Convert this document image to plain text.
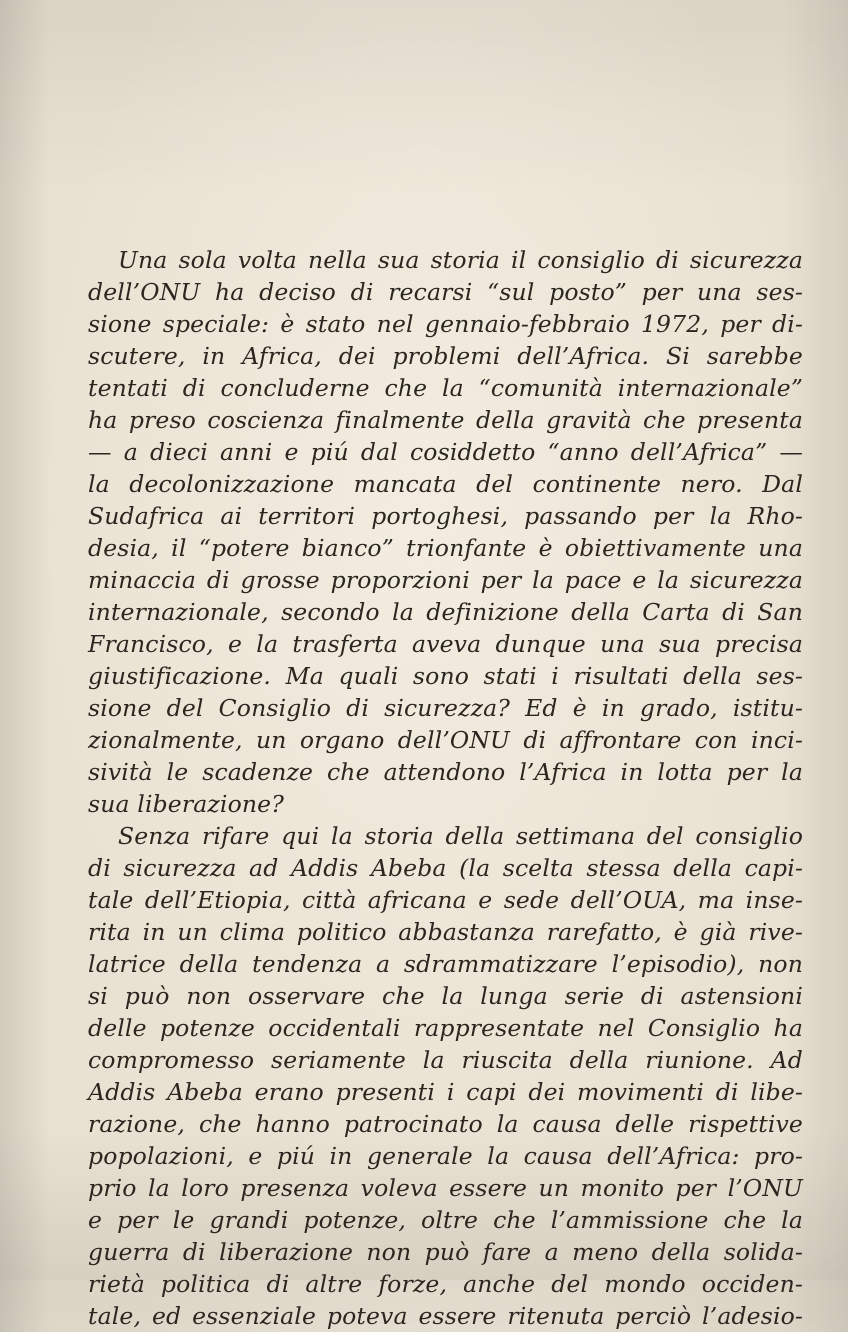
Una sola volta nella sua storia il consiglio di sicurezza
dell’ONU ha deciso di recarsi “sul posto” per una ses-
sione speciale: è stato nel gennaio-febbraio 1972, per di-
scutere, in Africa, dei problemi dell’Africa. Si sarebbe
tentati di concluderne che la “comunità internazionale”
ha preso coscienza finalmente della gravità che presenta
— a dieci anni e piú dal cosiddetto “anno dell’Africa” —
la decolonizzazione mancata del continente nero. Dal
Sudafrica ai territori portoghesi, passando per la Rho-
desia, il “potere bianco” trionfante è obiettivamente una
minaccia di grosse proporzioni per la pace e la sicurezza
internazionale, secondo la definizione della Carta di San
Francisco, e la trasferta aveva dunque una sua precisa
giustificazione. Ma quali sono stati i risultati della ses-
sione del Consiglio di sicurezza? Ed è in grado, istitu-
zionalmente, un organo dell’ONU di affrontare con inci-
sività le scadenze che attendono l’Africa in lotta per la
sua liberazione?
Senza rifare qui la storia della settimana del consiglio
di sicurezza ad Addis Abeba (la scelta stessa della capi-
tale dell’Etiopia, città africana e sede dell’OUA, ma inse-
rita in un clima politico abbastanza rarefatto, è già rive-
latrice della tendenza a sdrammatizzare l’episodio), non
si può non osservare che la lunga serie di astensioni
delle potenze occidentali rappresentate nel Consiglio ha
compromesso seriamente la riuscita della riunione. Ad
Addis Abeba erano presenti i capi dei movimenti di libe-
razione, che hanno patrocinato la causa delle rispettive
popolazioni, e piú in generale la causa dell’Africa: pro-
prio la loro presenza voleva essere un monito per l’ONU
e per le grandi potenze, oltre che l’ammissione che la
guerra di liberazione non può fare a meno della solida-
rietà politica di altre forze, anche del mondo occiden-
tale, ed essenziale poteva essere ritenuta perciò l’adesio-
